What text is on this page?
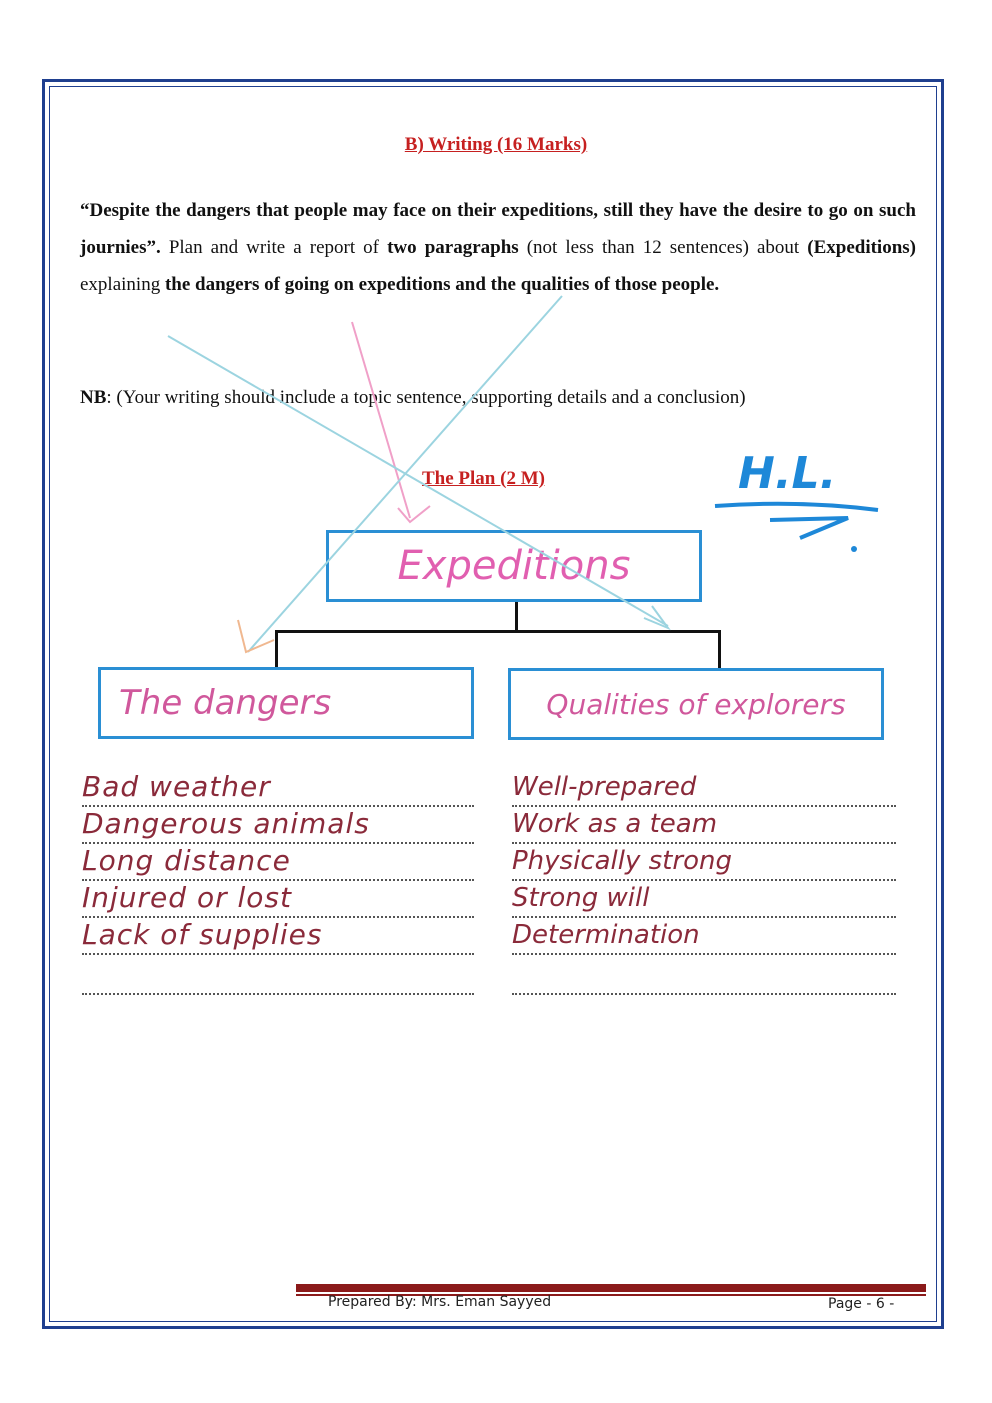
B) Writing (16 Marks)
“Despite the dangers that people may face on their expeditions, still they have the desire to go on such journies”. Plan and write a report of two paragraphs (not less than 12 sentences) about (Expeditions) explaining the dangers of going on expeditions and the qualities of those people.
NB: (Your writing should include a topic sentence, supporting details and a conclusion)
The Plan (2 M)	H.L.
Expeditions
The dangers	Qualities of explorers
Bad weather
Dangerous animals
Long distance
Injured or lost
Lack of supplies
Well-prepared
Work as a team
Physically strong
Strong will
Determination
Prepared By: Mrs. Eman Sayyed	Page - 6 -
